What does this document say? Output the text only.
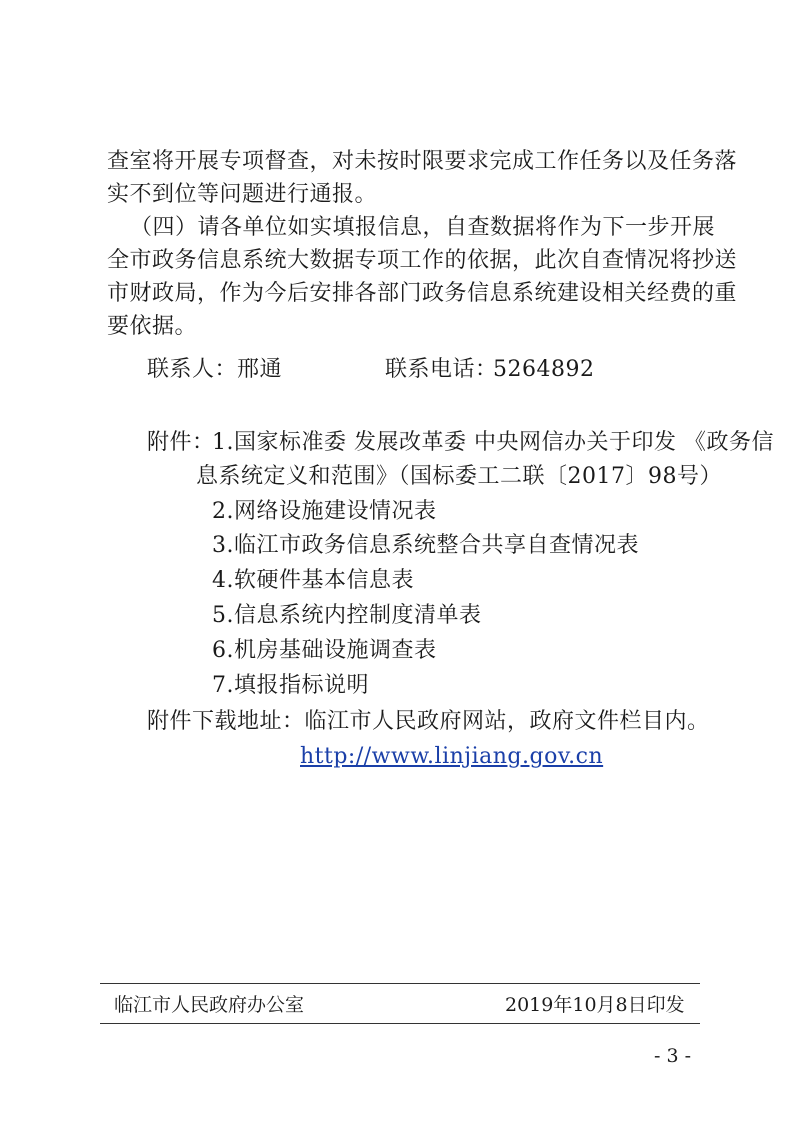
查室将开展专项督查，对未按时限要求完成工作任务以及任务落
实不到位等问题进行通报。
（四）请各单位如实填报信息，自查数据将作为下一步开展
全市政务信息系统大数据专项工作的依据，此次自查情况将抄送
市财政局，作为今后安排各部门政务信息系统建设相关经费的重
要依据。
联系人：邢通	联系电话：
5264892
附件：
1.国家标准委 发展改革委 中央网信办关于印发 《政务信
息系统定义和范围》（国标委工二联〔2017〕98号）
2.网络设施建设情况表
3.临江市政务信息系统整合共享自查情况表
4.软硬件基本信息表
5.信息系统内控制度清单表
6.机房基础设施调查表
7.填报指标说明
附件下载地址：临江市人民政府网站，政府文件栏目内。
http://www.linjiang.gov.cn
临江市人民政府办公室	2019年10月8日印发
- 3 -
